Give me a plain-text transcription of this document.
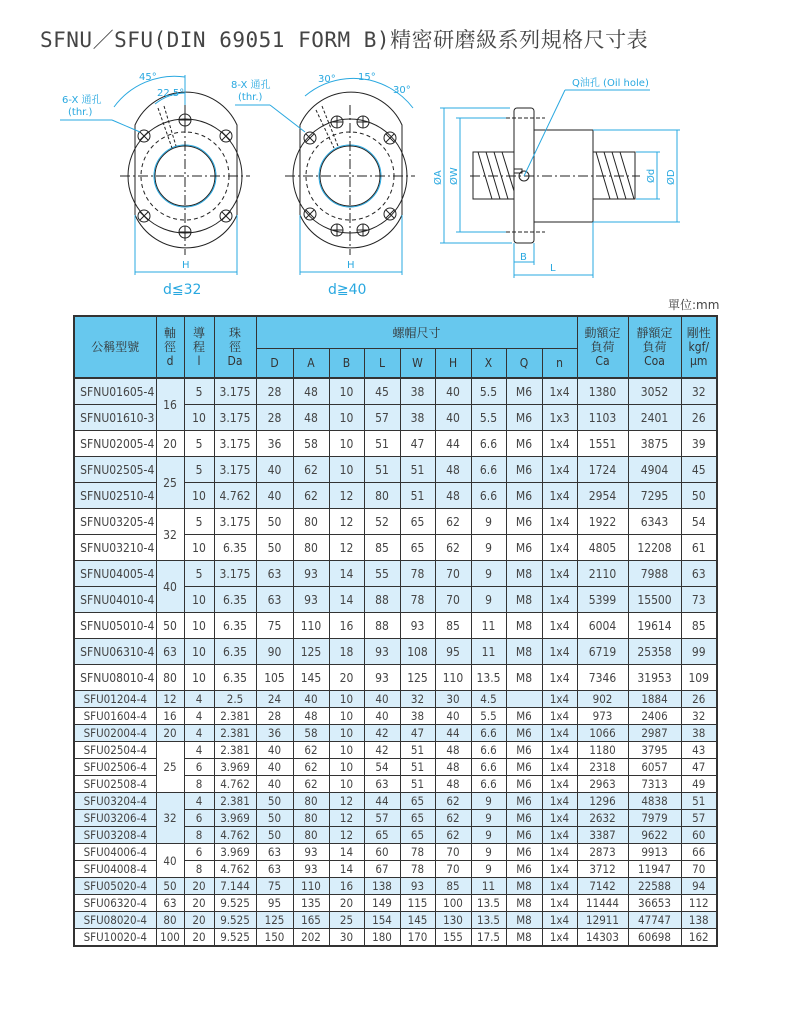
SFNU／SFU(DIN 69051 FORM B)精密研磨級系列規格尺寸表
45°
22.5°
6-X 通孔
(thr.)
H
d≦32
30° 15°
30°
8-X 通孔
(thr.)
H
d≧40
Q油孔 (Oil hole)
ØA ØW	Ød ØD
B
L
單位:mm
公稱型號	軸
徑
d	導
程
l	珠
徑
Da	螺帽尺寸									動額定
負荷
Ca	靜額定
負荷
Coa	剛性
kgf/
μm
				D	A	B	L	W	H	X	Q	n			
SFNU01605-4	16	5	3.175	28	48	10	45	38	40	5.5	M6	1x4	1380	3052	32
SFNU01610-3		10	3.175	28	48	10	57	38	40	5.5	M6	1x3	1103	2401	26
SFNU02005-4	20	5	3.175	36	58	10	51	47	44	6.6	M6	1x4	1551	3875	39
SFNU02505-4	25	5	3.175	40	62	10	51	51	48	6.6	M6	1x4	1724	4904	45
SFNU02510-4		10	4.762	40	62	12	80	51	48	6.6	M6	1x4	2954	7295	50
SFNU03205-4	32	5	3.175	50	80	12	52	65	62	9	M6	1x4	1922	6343	54
SFNU03210-4		10	6.35	50	80	12	85	65	62	9	M6	1x4	4805	12208	61
SFNU04005-4	40	5	3.175	63	93	14	55	78	70	9	M8	1x4	2110	7988	63
SFNU04010-4		10	6.35	63	93	14	88	78	70	9	M8	1x4	5399	15500	73
SFNU05010-4	50	10	6.35	75	110	16	88	93	85	11	M8	1x4	6004	19614	85
SFNU06310-4	63	10	6.35	90	125	18	93	108	95	11	M8	1x4	6719	25358	99
SFNU08010-4	80	10	6.35	105	145	20	93	125	110	13.5	M8	1x4	7346	31953	109
SFU01204-4	12	4	2.5	24	40	10	40	32	30	4.5		1x4	902	1884	26
SFU01604-4	16	4	2.381	28	48	10	40	38	40	5.5	M6	1x4	973	2406	32
SFU02004-4	20	4	2.381	36	58	10	42	47	44	6.6	M6	1x4	1066	2987	38
SFU02504-4	25	4	2.381	40	62	10	42	51	48	6.6	M6	1x4	1180	3795	43
SFU02506-4		6	3.969	40	62	10	54	51	48	6.6	M6	1x4	2318	6057	47
SFU02508-4		8	4.762	40	62	10	63	51	48	6.6	M6	1x4	2963	7313	49
SFU03204-4	32	4	2.381	50	80	12	44	65	62	9	M6	1x4	1296	4838	51
SFU03206-4		6	3.969	50	80	12	57	65	62	9	M6	1x4	2632	7979	57
SFU03208-4		8	4.762	50	80	12	65	65	62	9	M6	1x4	3387	9622	60
SFU04006-4	40	6	3.969	63	93	14	60	78	70	9	M6	1x4	2873	9913	66
SFU04008-4		8	4.762	63	93	14	67	78	70	9	M6	1x4	3712	11947	70
SFU05020-4	50	20	7.144	75	110	16	138	93	85	11	M8	1x4	7142	22588	94
SFU06320-4	63	20	9.525	95	135	20	149	115	100	13.5	M8	1x4	11444	36653	112
SFU08020-4	80	20	9.525	125	165	25	154	145	130	13.5	M8	1x4	12911	47747	138
SFU10020-4	100	20	9.525	150	202	30	180	170	155	17.5	M8	1x4	14303	60698	162
